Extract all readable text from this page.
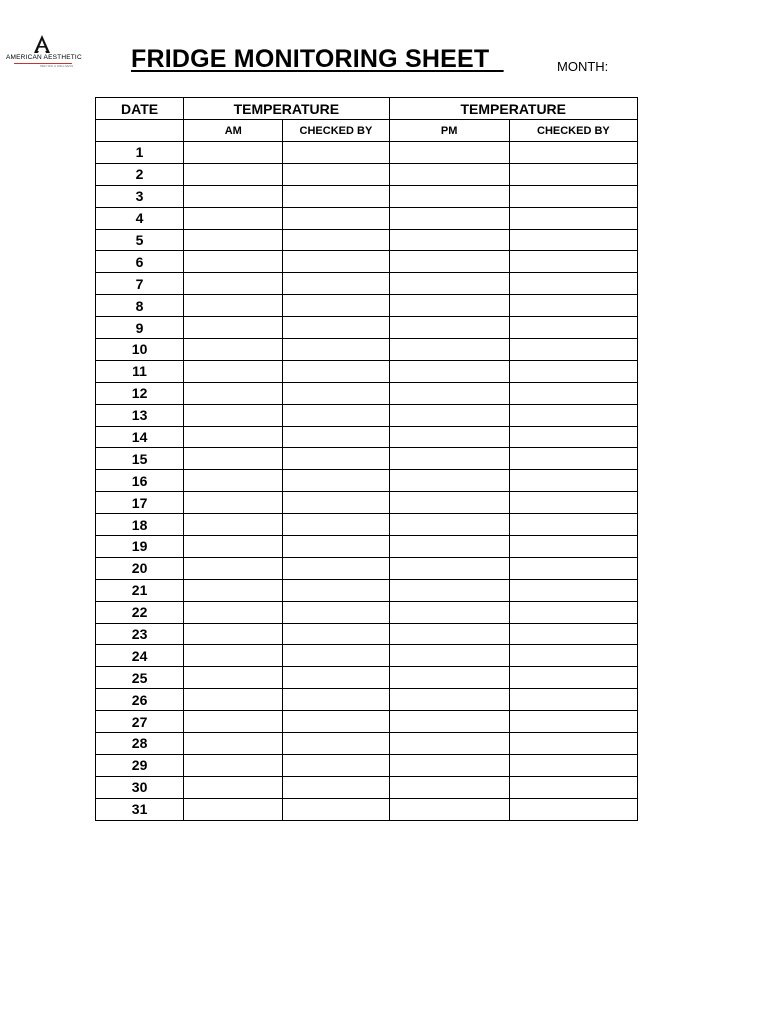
AMERICAN AESTHETIC
MED SPA & WELLNESS FRIDGE MONITORING SHEET	MONTH:
DATE	TEMPERATURE		TEMPERATURE	
	AM	CHECKED BY	PM	CHECKED BY
1				
2				
3				
4				
5				
6				
7				
8				
9				
10				
11				
12				
13				
14				
15				
16				
17				
18				
19				
20				
21				
22				
23				
24				
25				
26				
27				
28				
29				
30				
31				
